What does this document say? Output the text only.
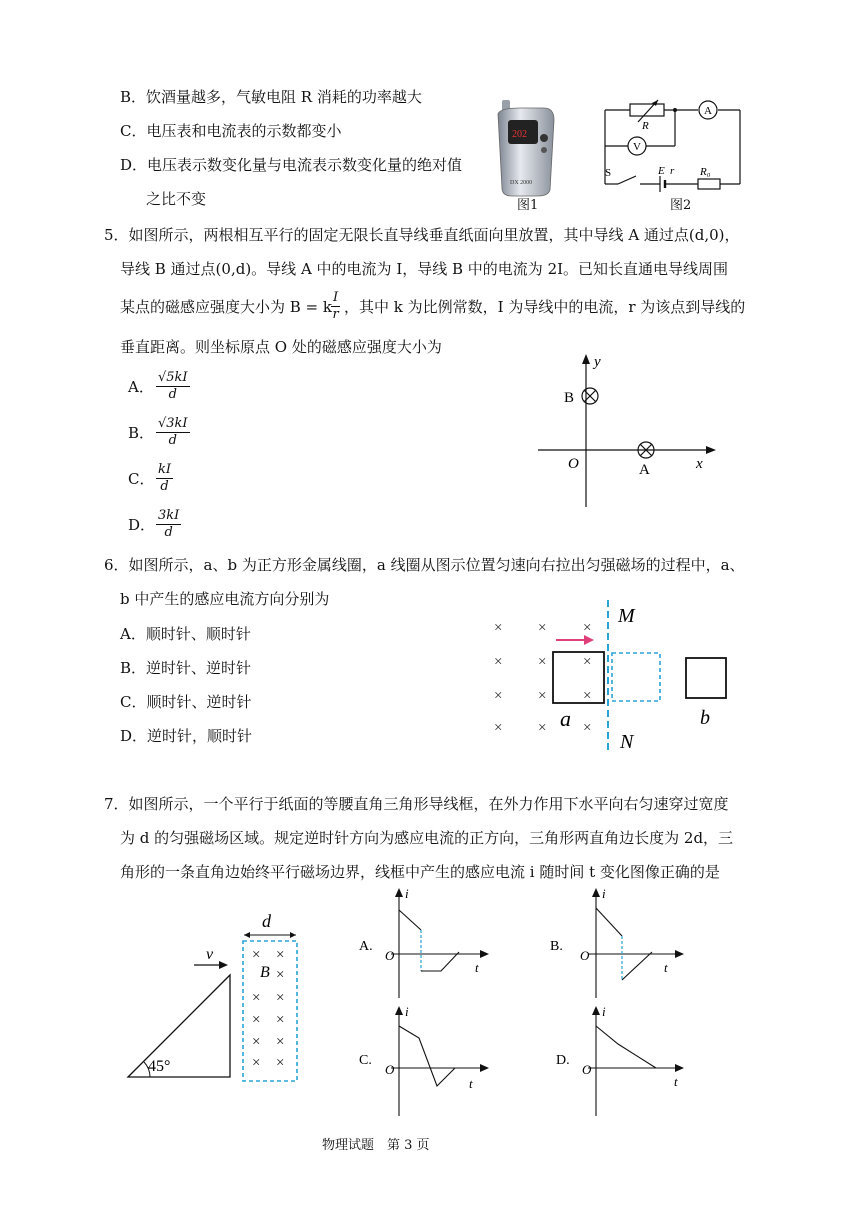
B．饮酒量越多，气敏电阻 R 消耗的功率越大
C．电压表和电流表的示数都变小
D．电压表示数变化量与电流表示数变化量的绝对值
之比不变
202
DX 2000
图1
A
V
R
S	E r R₀
图2
5．如图所示，两根相互平行的固定无限长直导线垂直纸面向里放置，其中导线 A 通过点(d,0)，
导线 B 通过点(0,d)。导线 A 中的电流为 I，导线 B 中的电流为 2I。已知长直通电导线周围
某点的磁感应强度大小为 B = k $\frac{I}{r}$ ，其中 k 为比例常数，I 为导线中的电流，r 为该点到导线的
垂直距离。则坐标原点 O 处的磁感应强度大小为
A． $\frac{√5kI}{d}$
B． $\frac{√3kI}{d}$
C． $\frac{kI}{d}$
D． $\frac{3kI}{d}$
y
x
O
B
A
6．如图所示，a、b 为正方形金属线圈，a 线圈从图示位置匀速向右拉出匀强磁场的过程中，a、
b 中产生的感应电流方向分别为
A．顺时针、顺时针
B．逆时针、逆时针
C．顺时针、逆时针
D．逆时针，顺时针
× × ×
× × ×
× × ×
× × ×
M
N
a	b
7．如图所示，一个平行于纸面的等腰直角三角形导线框，在外力作用下水平向右匀速穿过宽度
为 d 的匀强磁场区域。规定逆时针方向为感应电流的正方向，三角形两直角边长度为 2d，三
角形的一条直角边始终平行磁场边界，线框中产生的感应电流 i 随时间 t 变化图像正确的是
d
× ×
×
× ×
× ×
× ×
× ×
B
45°
v	A.
i
t
O
B.
i
t
O
C.
i
t
O
D.
i
t
O
物理试题　第 3 页
